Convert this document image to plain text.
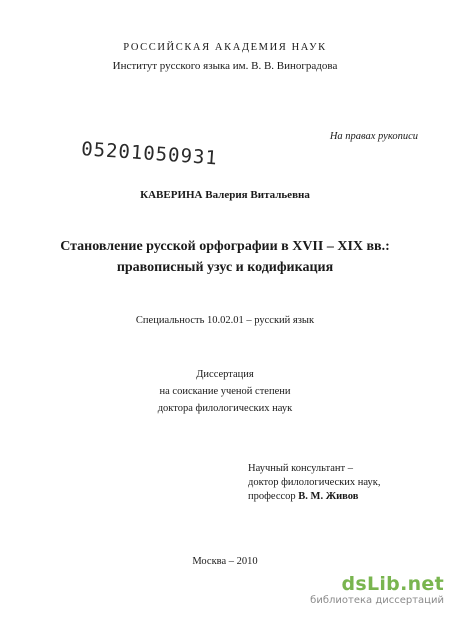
РОССИЙСКАЯ АКАДЕМИЯ НАУК
Институт русского языка им. В. В. Виноградова
На правах рукописи
05201050931
КАВЕРИНА Валерия Витальевна
Становление русской орфографии в XVII – XIX вв.:
правописный узус и кодификация
Специальность 10.02.01 – русский язык
Диссертация
на соискание ученой степени
доктора филологических наук
Научный консультант –
доктор филологических наук,
профессор В. М. Живов
Москва – 2010
dsLib.net
библиотека диссертаций
